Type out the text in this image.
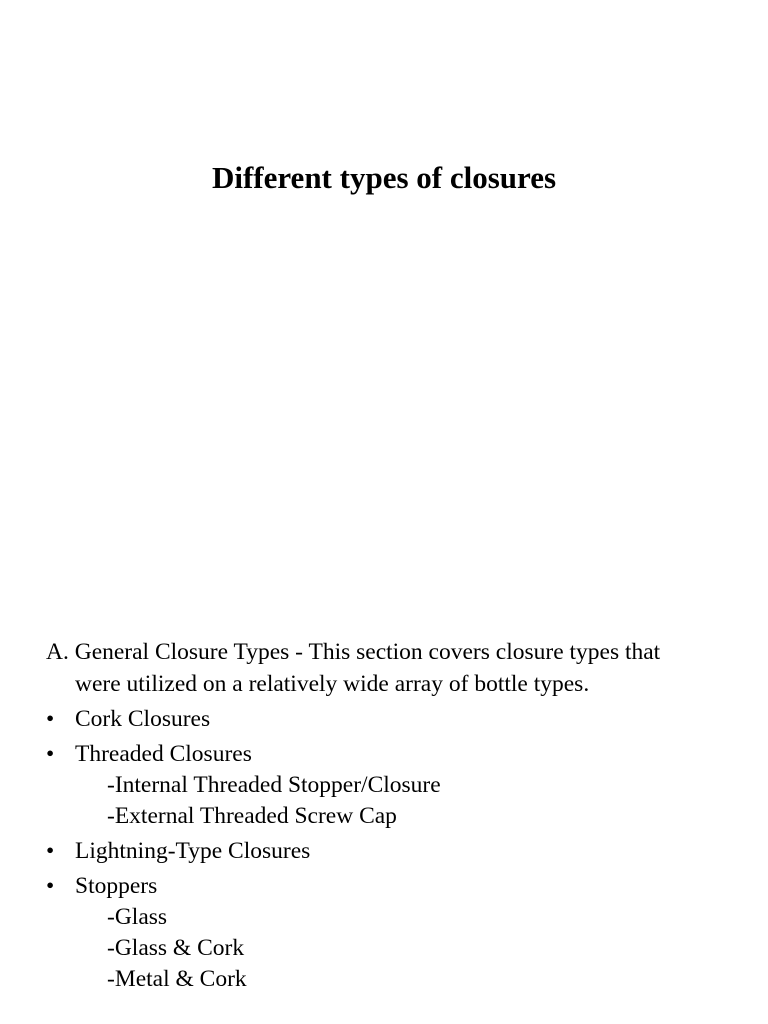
Different types of closures

A. General Closure Types - This section covers closure types that
were utilized on a relatively wide array of bottle types.

• Cork Closures
• Threaded Closures
-Internal Threaded Stopper/Closure
-External Threaded Screw Cap
• Lightning-Type Closures
• Stoppers
-Glass
-Glass & Cork
-Metal & Cork
